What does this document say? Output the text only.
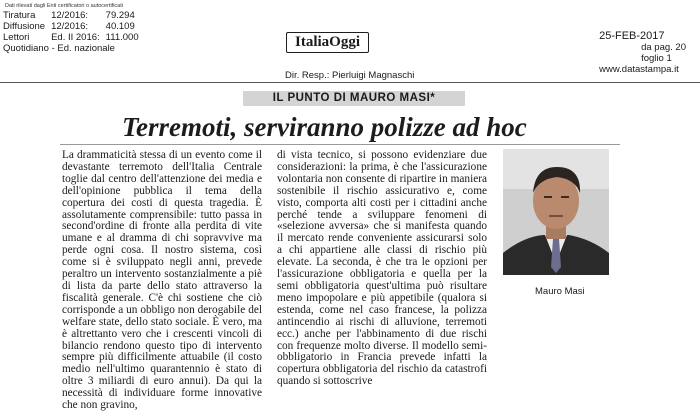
Dati rilevati dagli Enti certificatori o autocertificati
Tiratura	12/2016:	79.294
Diffusione	12/2016:	40.109
Lettori	Ed. II 2016:	111.000
Quotidiano - Ed. nazionale			ItaliaOggi
Dir. Resp.: Pierluigi Magnaschi
25-FEB-2017
da pag. 20
foglio 1
www.datastampa.it
IL PUNTO DI MAURO MASI*
Terremoti, serviranno polizze ad hoc

La drammaticità stessa di un evento come il devastante terremoto dell'Italia Centrale toglie dal centro dell'attenzione dei media e dell'opinione pubblica il tema della copertura dei costi di questa tragedia. È assolutamente comprensibile: tutto passa in second'ordine di fronte alla perdita di vite umane e al dramma di chi sopravvive ma perde ogni cosa. Il nostro sistema, così come si è sviluppato negli anni, prevede peraltro un intervento sostanzialmente a piè di lista da parte dello stato attraverso la fiscalità generale. C'è chi sostiene che ciò corrisponde a un obbligo non derogabile del welfare state, dello stato sociale. È vero, ma è altrettanto vero che i crescenti vincoli di bilancio rendono questo tipo di intervento sempre più difficilmente attuabile (il costo medio nell'ultimo quarantennio è stato di oltre 3 miliardi di euro annui). Da qui la necessità di individuare forme innovative che non gravino,

di vista tecnico, si possono evidenziare due considerazioni: la prima, è che l'assicurazione volontaria non consente di ripartire in maniera sostenibile il rischio assicurativo e, come visto, comporta alti costi per i cittadini anche perché tende a sviluppare fenomeni di «selezione avversa» che si manifesta quando il mercato rende conveniente assicurarsi solo a chi appartiene alle classi di rischio più elevate. La seconda, è che tra le opzioni per l'assicurazione obbligatoria e quella per la semi obbligatoria quest'ultima può risultare meno impopolare e più appetibile (qualora si estenda, come nel caso francese, la polizza antincendio ai rischi di alluvione, terremoti ecc.) anche per l'abbinamento di due rischi con frequenze molto diverse. Il modello semi-obbligatorio in Francia prevede infatti la copertura obbligatoria del rischio da catastrofi quando si sottoscrive

Mauro Masi
